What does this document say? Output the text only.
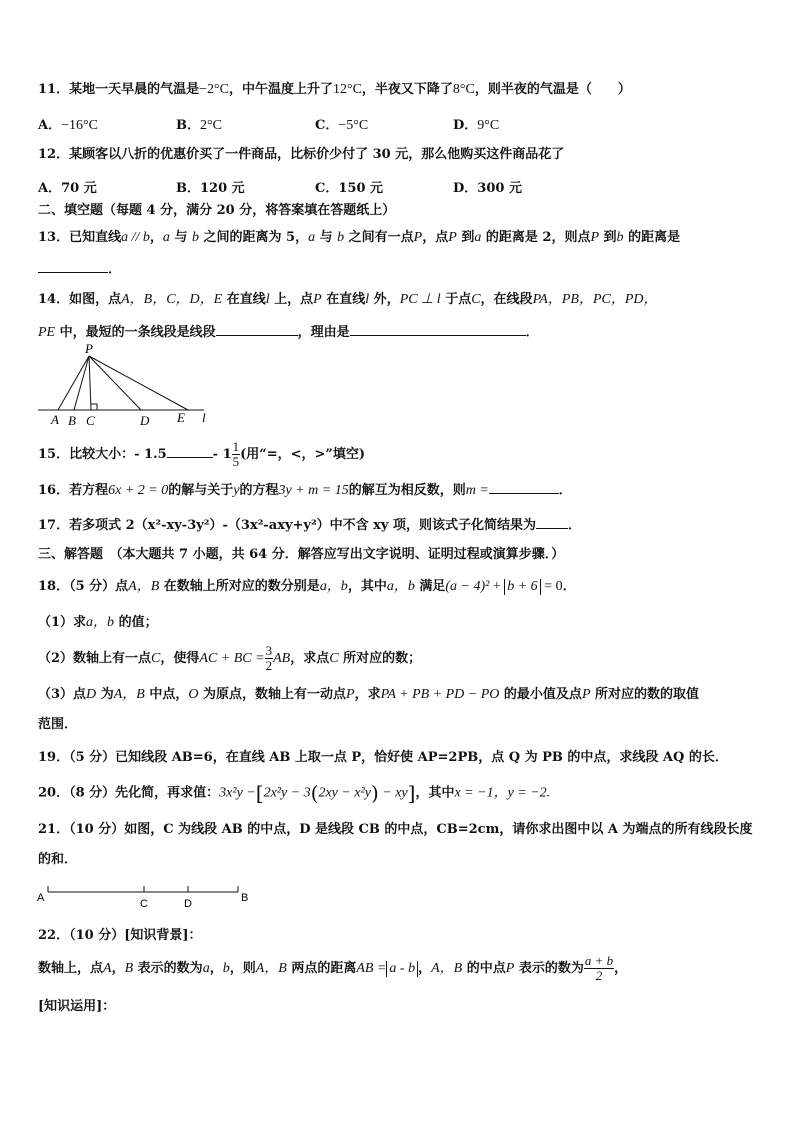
11．某地一天早晨的气温是−2°C，中午温度上升了12°C，半夜又下降了8°C，则半夜的气温是（　　）
A．−16°C	B．2°C	C．−5°C	D．9°C
12．某顾客以八折的优惠价买了一件商品，比标价少付了 30 元，那么他购买这件商品花了
A．70 元	B．120 元	C．150 元	D．300 元
二、填空题（每题 4 分，满分 20 分，将答案填在答题纸上）
13．已知直线a // b，a 与 b 之间的距离为 5，a 与 b 之间有一点P，点P 到a 的距离是 2，则点P 到b 的距离是
．
14．如图，点A，B，C，D，E 在直线l 上，点P 在直线l 外，PC ⊥ l 于点C，在线段PA，PB，PC，PD，
PE 中，最短的一条线段是线段	，理由是	．
P
A B C	D E l
15．比较大小：- 1.5	- $1 \frac{1}{5}$ (用“=，<，>”填空)
16．若方程6x + 2 = 0的解与关于y的方程3y + m = 15的解互为相反数，则m =	．
17．若多项式 2（x²-xy-3y²）-（3x²-axy+y²）中不含 xy 项，则该式子化简结果为 ．
三、解答题　（本大题共 7 小题，共 64 分．解答应写出文字说明、证明过程或演算步骤．）
18．（5 分）点A，B 在数轴上所对应的数分别是a，b，其中a，b 满足(a − 4)² + b + 6 = 0．
（1）求a，b 的值；
（2）数轴上有一点C，使得AC + BC = $\frac{3}{2}$ AB，求点C 所对应的数；
（3）点D 为A，B 中点，O 为原点，数轴上有一动点P，求PA + PB + PD − PO 的最小值及点P 所对应的数的取值
范围．
19．（5 分）已知线段 AB=6，在直线 AB 上取一点 P，恰好使 AP=2PB，点 Q 为 PB 的中点，求线段 AQ 的长．
20．（8 分）先化简，再求值：3x²y −[2x²y − 3(2xy − x²y) − xy]，其中x = −1，y = −2.
21．（10 分）如图，C 为线段 AB 的中点，D 是线段 CB 的中点，CB=2cm，请你求出图中以 A 为端点的所有线段长度
的和．
A	C	D	B
22．（10 分）[知识背景]：
数轴上，点A，B 表示的数为a，b，则A，B 两点的距离AB = a - b ，A，B 的中点P 表示的数为 $\frac{a + b}{2}$ ，
[知识运用]：
